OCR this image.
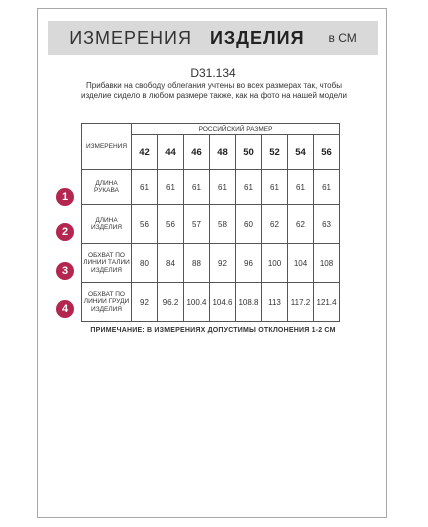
ИЗМЕРЕНИЯ ИЗДЕЛИЯ в СМ
D31.134
Прибавки на свободу облегания учтены во всех размерах так, чтобы изделие сидело в любом размере также, как на фото на нашей модели
ИЗМЕРЕНИЯ	РОССИЙСКИЙ РАЗМЕР							
	42	44	46	48	50	52	54	56
ДЛИНА РУКАВА	61	61	61	61	61	61	61	61
ДЛИНА ИЗДЕЛИЯ	56	56	57	58	60	62	62	63
ОБХВАТ ПО ЛИНИИ ТАЛИИ ИЗДЕЛИЯ	80	84	88	92	96	100	104	108
ОБХВАТ ПО ЛИНИИ ГРУДИ ИЗДЕЛИЯ	92	96.2	100.4	104.6	108.8	113	117.2	121.4
1
2
3
4
ПРИМЕЧАНИЕ: В ИЗМЕРЕНИЯХ ДОПУСТИМЫ ОТКЛОНЕНИЯ 1-2 СМ
